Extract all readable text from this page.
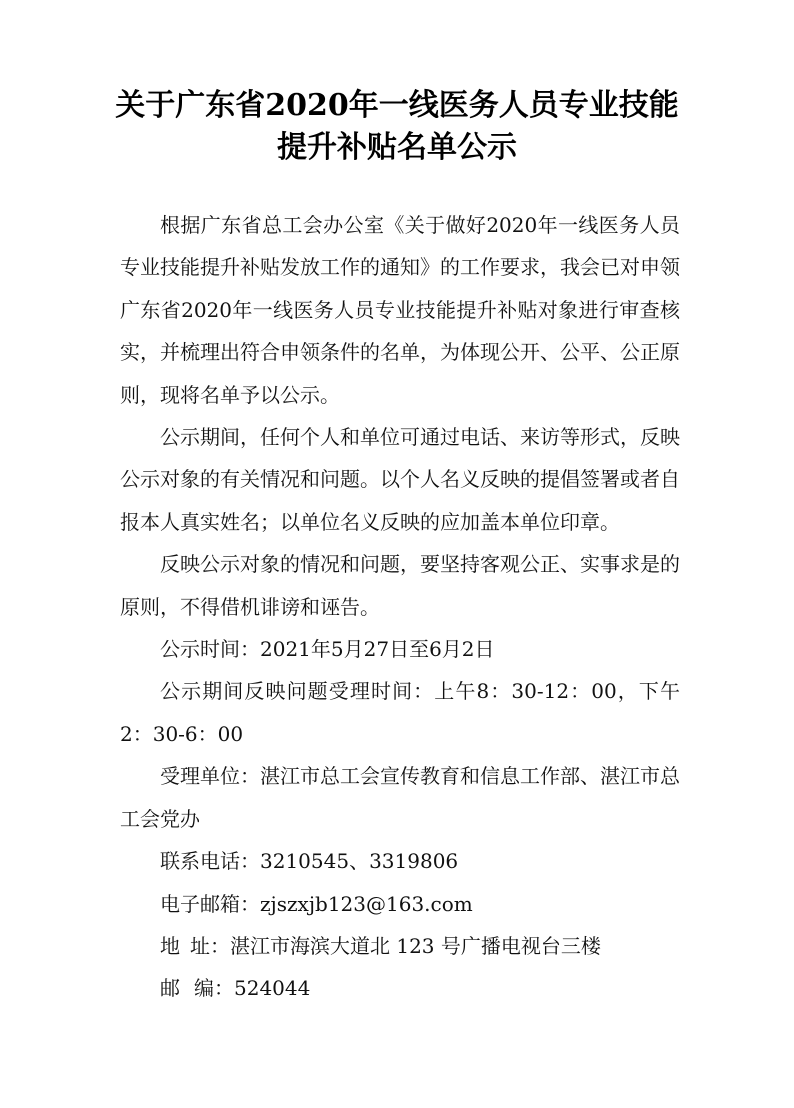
关于广东省2020年一线医务人员专业技能
提升补贴名单公示

根据广东省总工会办公室《关于做好2020年一线医务人员专业技能提升补贴发放工作的通知》的工作要求，我会已对申领广东省2020年一线医务人员专业技能提升补贴对象进行审查核实，并梳理出符合申领条件的名单，为体现公开、公平、公正原则，现将名单予以公示。

公示期间，任何个人和单位可通过电话、来访等形式，反映公示对象的有关情况和问题。以个人名义反映的提倡签署或者自报本人真实姓名；以单位名义反映的应加盖本单位印章。

反映公示对象的情况和问题，要坚持客观公正、实事求是的原则，不得借机诽谤和诬告。

公示时间：2021年5月27日至6月2日

公示期间反映问题受理时间：上午8：30-12：00，下午2：30-6：00

受理单位：湛江市总工会宣传教育和信息工作部、湛江市总工会党办

联系电话：3210545、3319806

电子邮箱：zjszxjb123@163.com

地 址：湛江市海滨大道北 123 号广播电视台三楼

邮 编：524044
